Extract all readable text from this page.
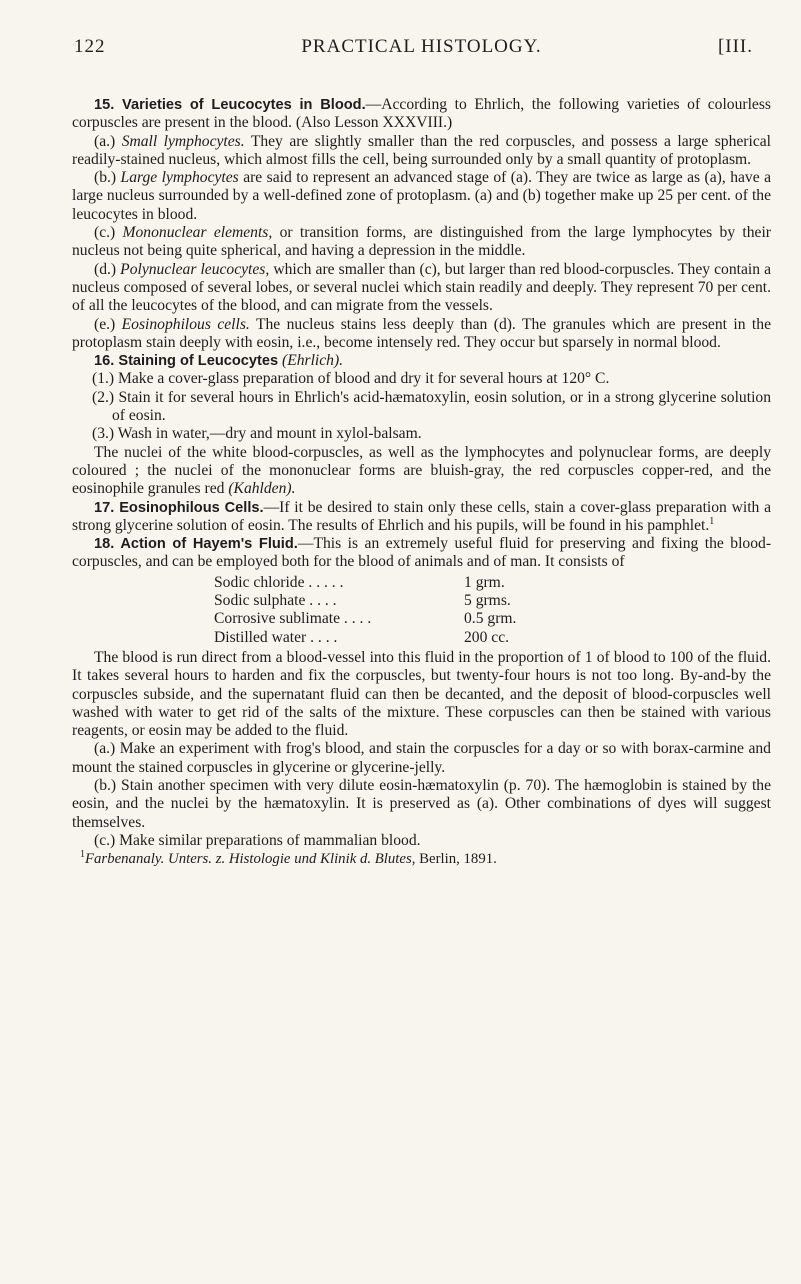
122	PRACTICAL HISTOLOGY.	[III.

15. Varieties of Leucocytes in Blood.—According to Ehrlich, the following varieties of colourless corpuscles are present in the blood. (Also Lesson XXXVIII.)

(a.) Small lymphocytes. They are slightly smaller than the red corpuscles, and possess a large spherical readily-stained nucleus, which almost fills the cell, being surrounded only by a small quantity of protoplasm.

(b.) Large lymphocytes are said to represent an advanced stage of (a). They are twice as large as (a), have a large nucleus surrounded by a well-defined zone of protoplasm. (a) and (b) together make up 25 per cent. of the leucocytes in blood.

(c.) Mononuclear elements, or transition forms, are distinguished from the large lymphocytes by their nucleus not being quite spherical, and having a depression in the middle.

(d.) Polynuclear leucocytes, which are smaller than (c), but larger than red blood-corpuscles. They contain a nucleus composed of several lobes, or several nuclei which stain readily and deeply. They represent 70 per cent. of all the leucocytes of the blood, and can migrate from the vessels.

(e.) Eosinophilous cells. The nucleus stains less deeply than (d). The granules which are present in the protoplasm stain deeply with eosin, i.e., become intensely red. They occur but sparsely in normal blood.

16. Staining of Leucocytes (Ehrlich).

(1.) Make a cover-glass preparation of blood and dry it for several hours at 120° C.

(2.) Stain it for several hours in Ehrlich's acid-hæmatoxylin, eosin solution, or in a strong glycerine solution of eosin.

(3.) Wash in water,—dry and mount in xylol-balsam.

The nuclei of the white blood-corpuscles, as well as the lymphocytes and polynuclear forms, are deeply coloured ; the nuclei of the mononuclear forms are bluish-gray, the red corpuscles copper-red, and the eosinophile granules red (Kahlden).

17. Eosinophilous Cells.—If it be desired to stain only these cells, stain a cover-glass preparation with a strong glycerine solution of eosin. The results of Ehrlich and his pupils, will be found in his pamphlet.$^1$

18. Action of Hayem's Fluid.—This is an extremely useful fluid for preserving and fixing the blood-corpuscles, and can be employed both for the blood of animals and of man. It consists of

Sodic chloride . . . . .	1 grm.
Sodic sulphate . . . .	5 grms.
Corrosive sublimate . . . .	0.5 grm.
Distilled water . . . .	200 cc.

The blood is run direct from a blood-vessel into this fluid in the proportion of 1 of blood to 100 of the fluid. It takes several hours to harden and fix the corpuscles, but twenty-four hours is not too long. By-and-by the corpuscles subside, and the supernatant fluid can then be decanted, and the deposit of blood-corpuscles well washed with water to get rid of the salts of the mixture. These corpuscles can then be stained with various reagents, or eosin may be added to the fluid.

(a.) Make an experiment with frog's blood, and stain the corpuscles for a day or so with borax-carmine and mount the stained corpuscles in glycerine or glycerine-jelly.

(b.) Stain another specimen with very dilute eosin-hæmatoxylin (p. 70). The hæmoglobin is stained by the eosin, and the nuclei by the hæmatoxylin. It is preserved as (a). Other combinations of dyes will suggest themselves.

(c.) Make similar preparations of mammalian blood.

$^1$Farbenanaly. Unters. z. Histologie und Klinik d. Blutes, Berlin, 1891.
